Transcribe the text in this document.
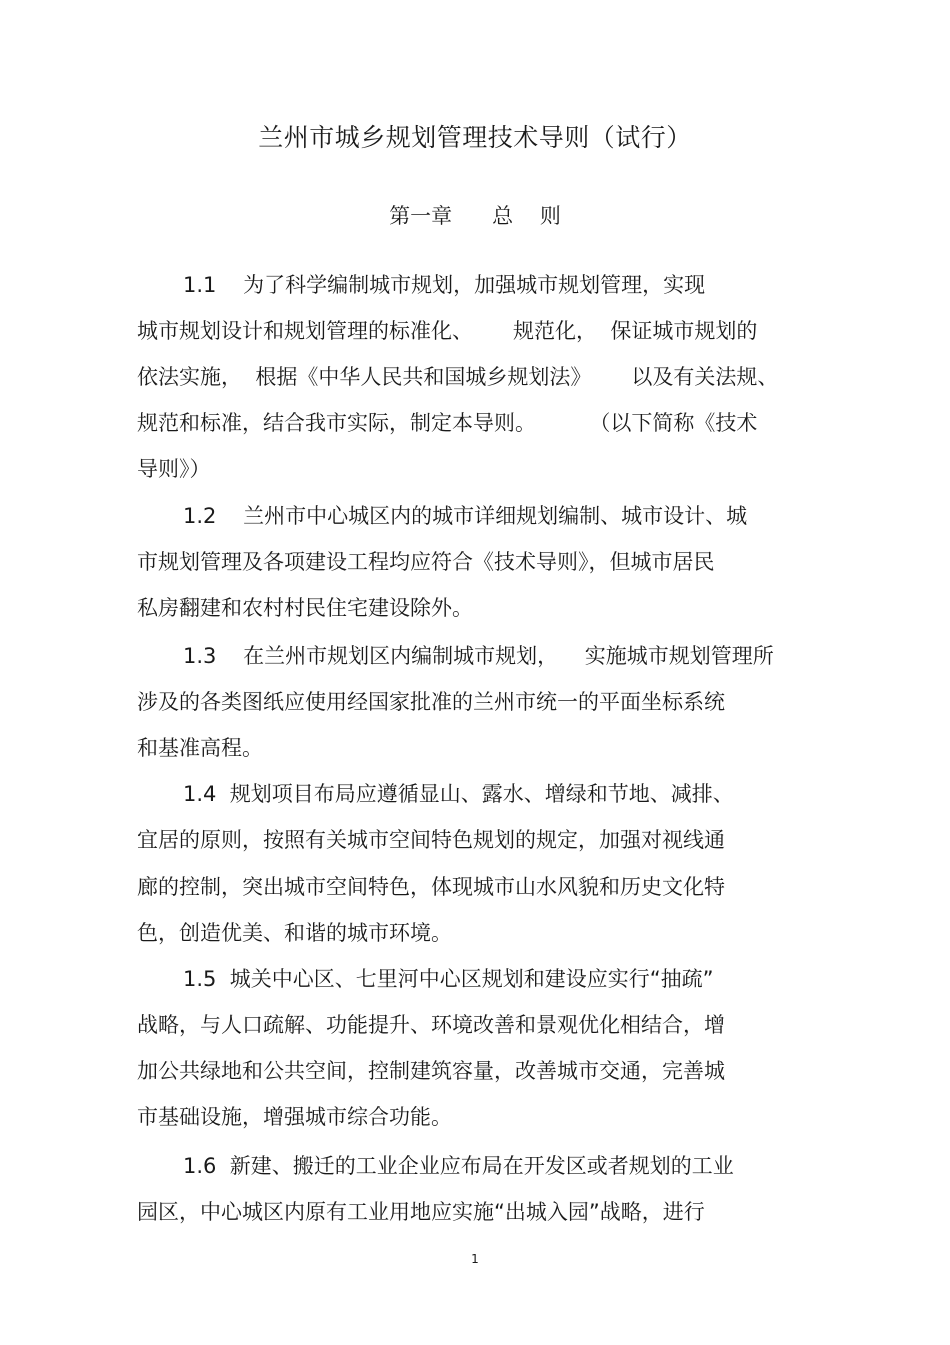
兰州市城乡规划管理技术导则（试行）
第一章      总    则
1.1    为了科学编制城市规划，加强城市规划管理，实现
城市规划设计和规划管理的标准化、      规范化，  保证城市规划的
依法实施，  根据《中华人民共和国城乡规划法》      以及有关法规、
规范和标准，结合我市实际，制定本导则。        （以下简称《技术
导则》）
1.2    兰州市中心城区内的城市详细规划编制、城市设计、城
市规划管理及各项建设工程均应符合《技术导则》，但城市居民
私房翻建和农村村民住宅建设除外。
1.3    在兰州市规划区内编制城市规划，    实施城市规划管理所
涉及的各类图纸应使用经国家批准的兰州市统一的平面坐标系统
和基准高程。
1.4  规划项目布局应遵循显山、露水、增绿和节地、减排、
宜居的原则，按照有关城市空间特色规划的规定，加强对视线通
廊的控制，突出城市空间特色，体现城市山水风貌和历史文化特
色，创造优美、和谐的城市环境。
1.5  城关中心区、七里河中心区规划和建设应实行“抽疏”
战略，与人口疏解、功能提升、环境改善和景观优化相结合，增
加公共绿地和公共空间，控制建筑容量，改善城市交通，完善城
市基础设施，增强城市综合功能。
1.6  新建、搬迁的工业企业应布局在开发区或者规划的工业
园区，中心城区内原有工业用地应实施“出城入园”战略，进行
1
